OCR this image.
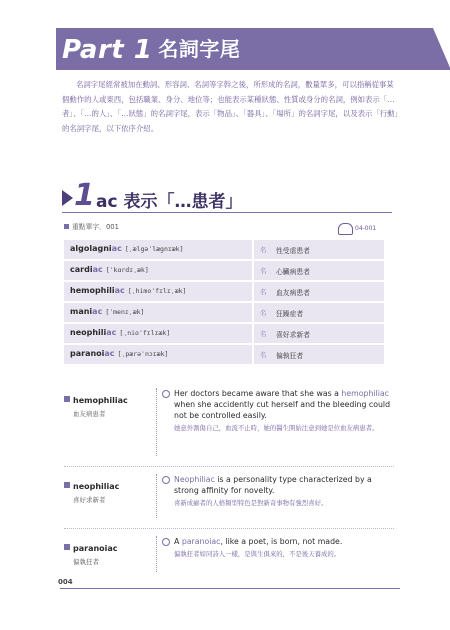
Part 1 名詞字尾
名詞字尾經常被加在動詞、形容詞、名詞等字幹之後，所形成的名詞，數量眾多，可以指稱從事某個動作的人或東西，包括職業、身分、地位等；也能表示某種狀態、性質或身分的名詞，例如表示「…者」、「…的人」、「…狀態」的名詞字尾，表示「物品」、「器具」、「場所」的名詞字尾，以及表示「行動」的名詞字尾，以下依序介紹。
1 ac 表示「…患者」
重點單字．001	04-001
algolagniac [ˌælgəˈlægnɪæk]	名 性受虐患者
cardiac [ˈkɑrdɪˌæk]	名 心臟病患者
hemophiliac [ˌhimoˈfɪlɪˌæk]	名 血友病患者
maniac [ˈmenɪˌæk]	名 狂躁症者
neophiliac [ˌnioˈfɪlɪæk]	名 喜好求新者
paranoiac [ˌpærəˈnɔɪæk]	名 偏執狂者
hemophiliac
血友病患者
Her doctors became aware that she was a hemophiliac when she accidently cut herself and the bleeding could not be controlled easily.
她意外割傷自己，血流不止時，她的醫生開始注意到她是位血友病患者。
neophiliac
喜好求新者
Neophiliac is a personality type characterized by a strong affinity for novelty.
喜新成癖者的人格類型特色是對新奇事物有強烈喜好。
paranoiac
偏執狂者
A paranoiac, like a poet, is born, not made.
偏執狂者如同詩人一樣，是與生俱來的，不是後天養成的。
004
